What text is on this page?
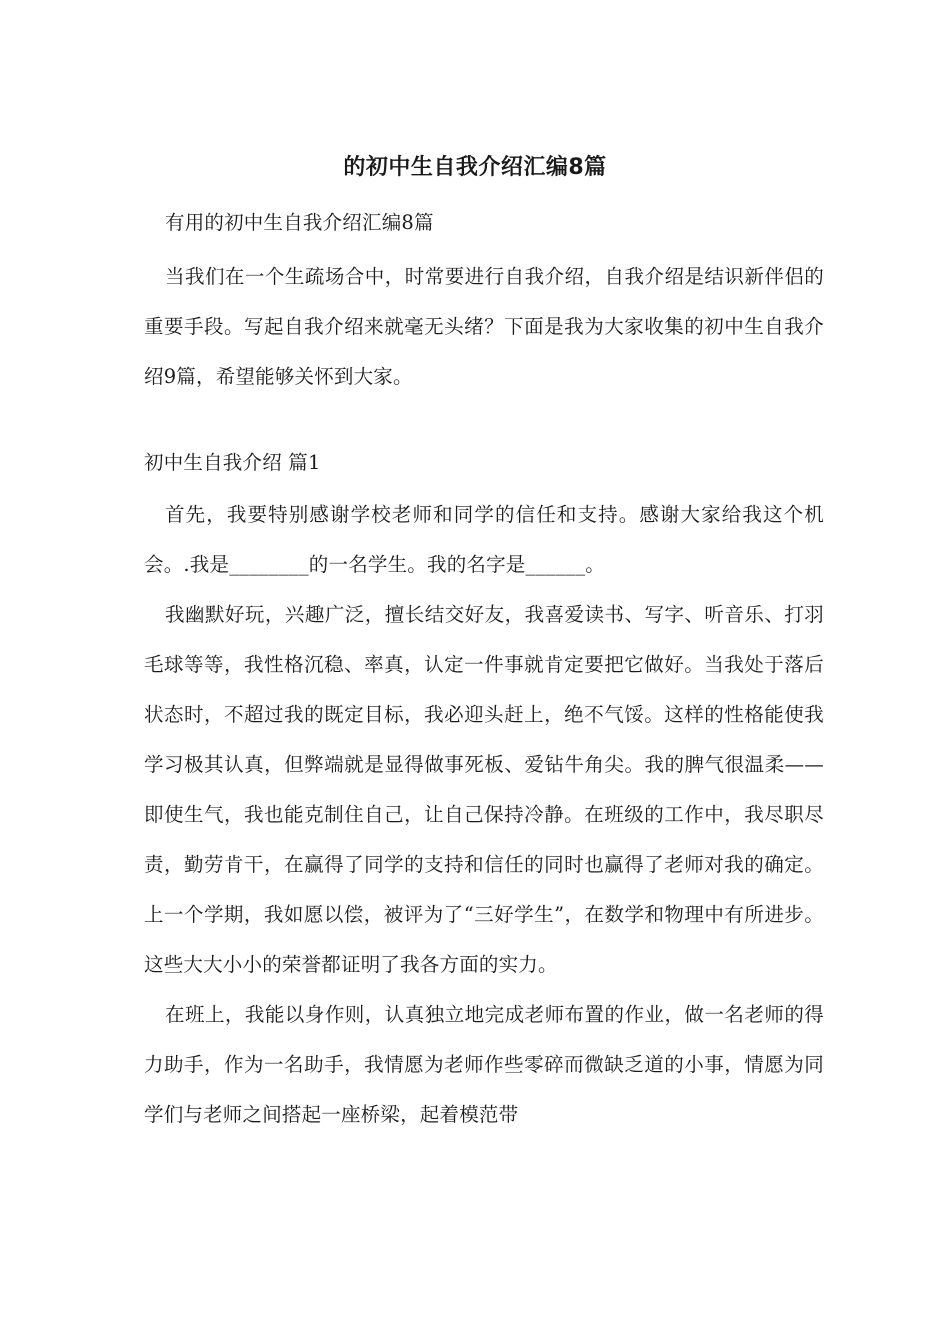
的初中生自我介绍汇编8篇

有用的初中生自我介绍汇编8篇

当我们在一个生疏场合中，时常要进行自我介绍，自我介绍是结识新伴侣的重要手段。写起自我介绍来就毫无头绪？下面是我为大家收集的初中生自我介绍9篇，希望能够关怀到大家。

初中生自我介绍 篇1

首先，我要特别感谢学校老师和同学的信任和支持。感谢大家给我这个机会。.我是________的一名学生。我的名字是______。

我幽默好玩，兴趣广泛，擅长结交好友，我喜爱读书、写字、听音乐、打羽毛球等等，我性格沉稳、率真，认定一件事就肯定要把它做好。当我处于落后状态时，不超过我的既定目标，我必迎头赶上，绝不气馁。这样的性格能使我学习极其认真，但弊端就是显得做事死板、爱钻牛角尖。我的脾气很温柔——即使生气，我也能克制住自己，让自己保持冷静。在班级的工作中，我尽职尽责，勤劳肯干，在赢得了同学的支持和信任的同时也赢得了老师对我的确定。上一个学期，我如愿以偿，被评为了“三好学生”，在数学和物理中有所进步。这些大大小小的荣誉都证明了我各方面的实力。

在班上，我能以身作则，认真独立地完成老师布置的作业，做一名老师的得力助手，作为一名助手，我情愿为老师作些零碎而微缺乏道的小事，情愿为同学们与老师之间搭起一座桥梁，起着模范带
